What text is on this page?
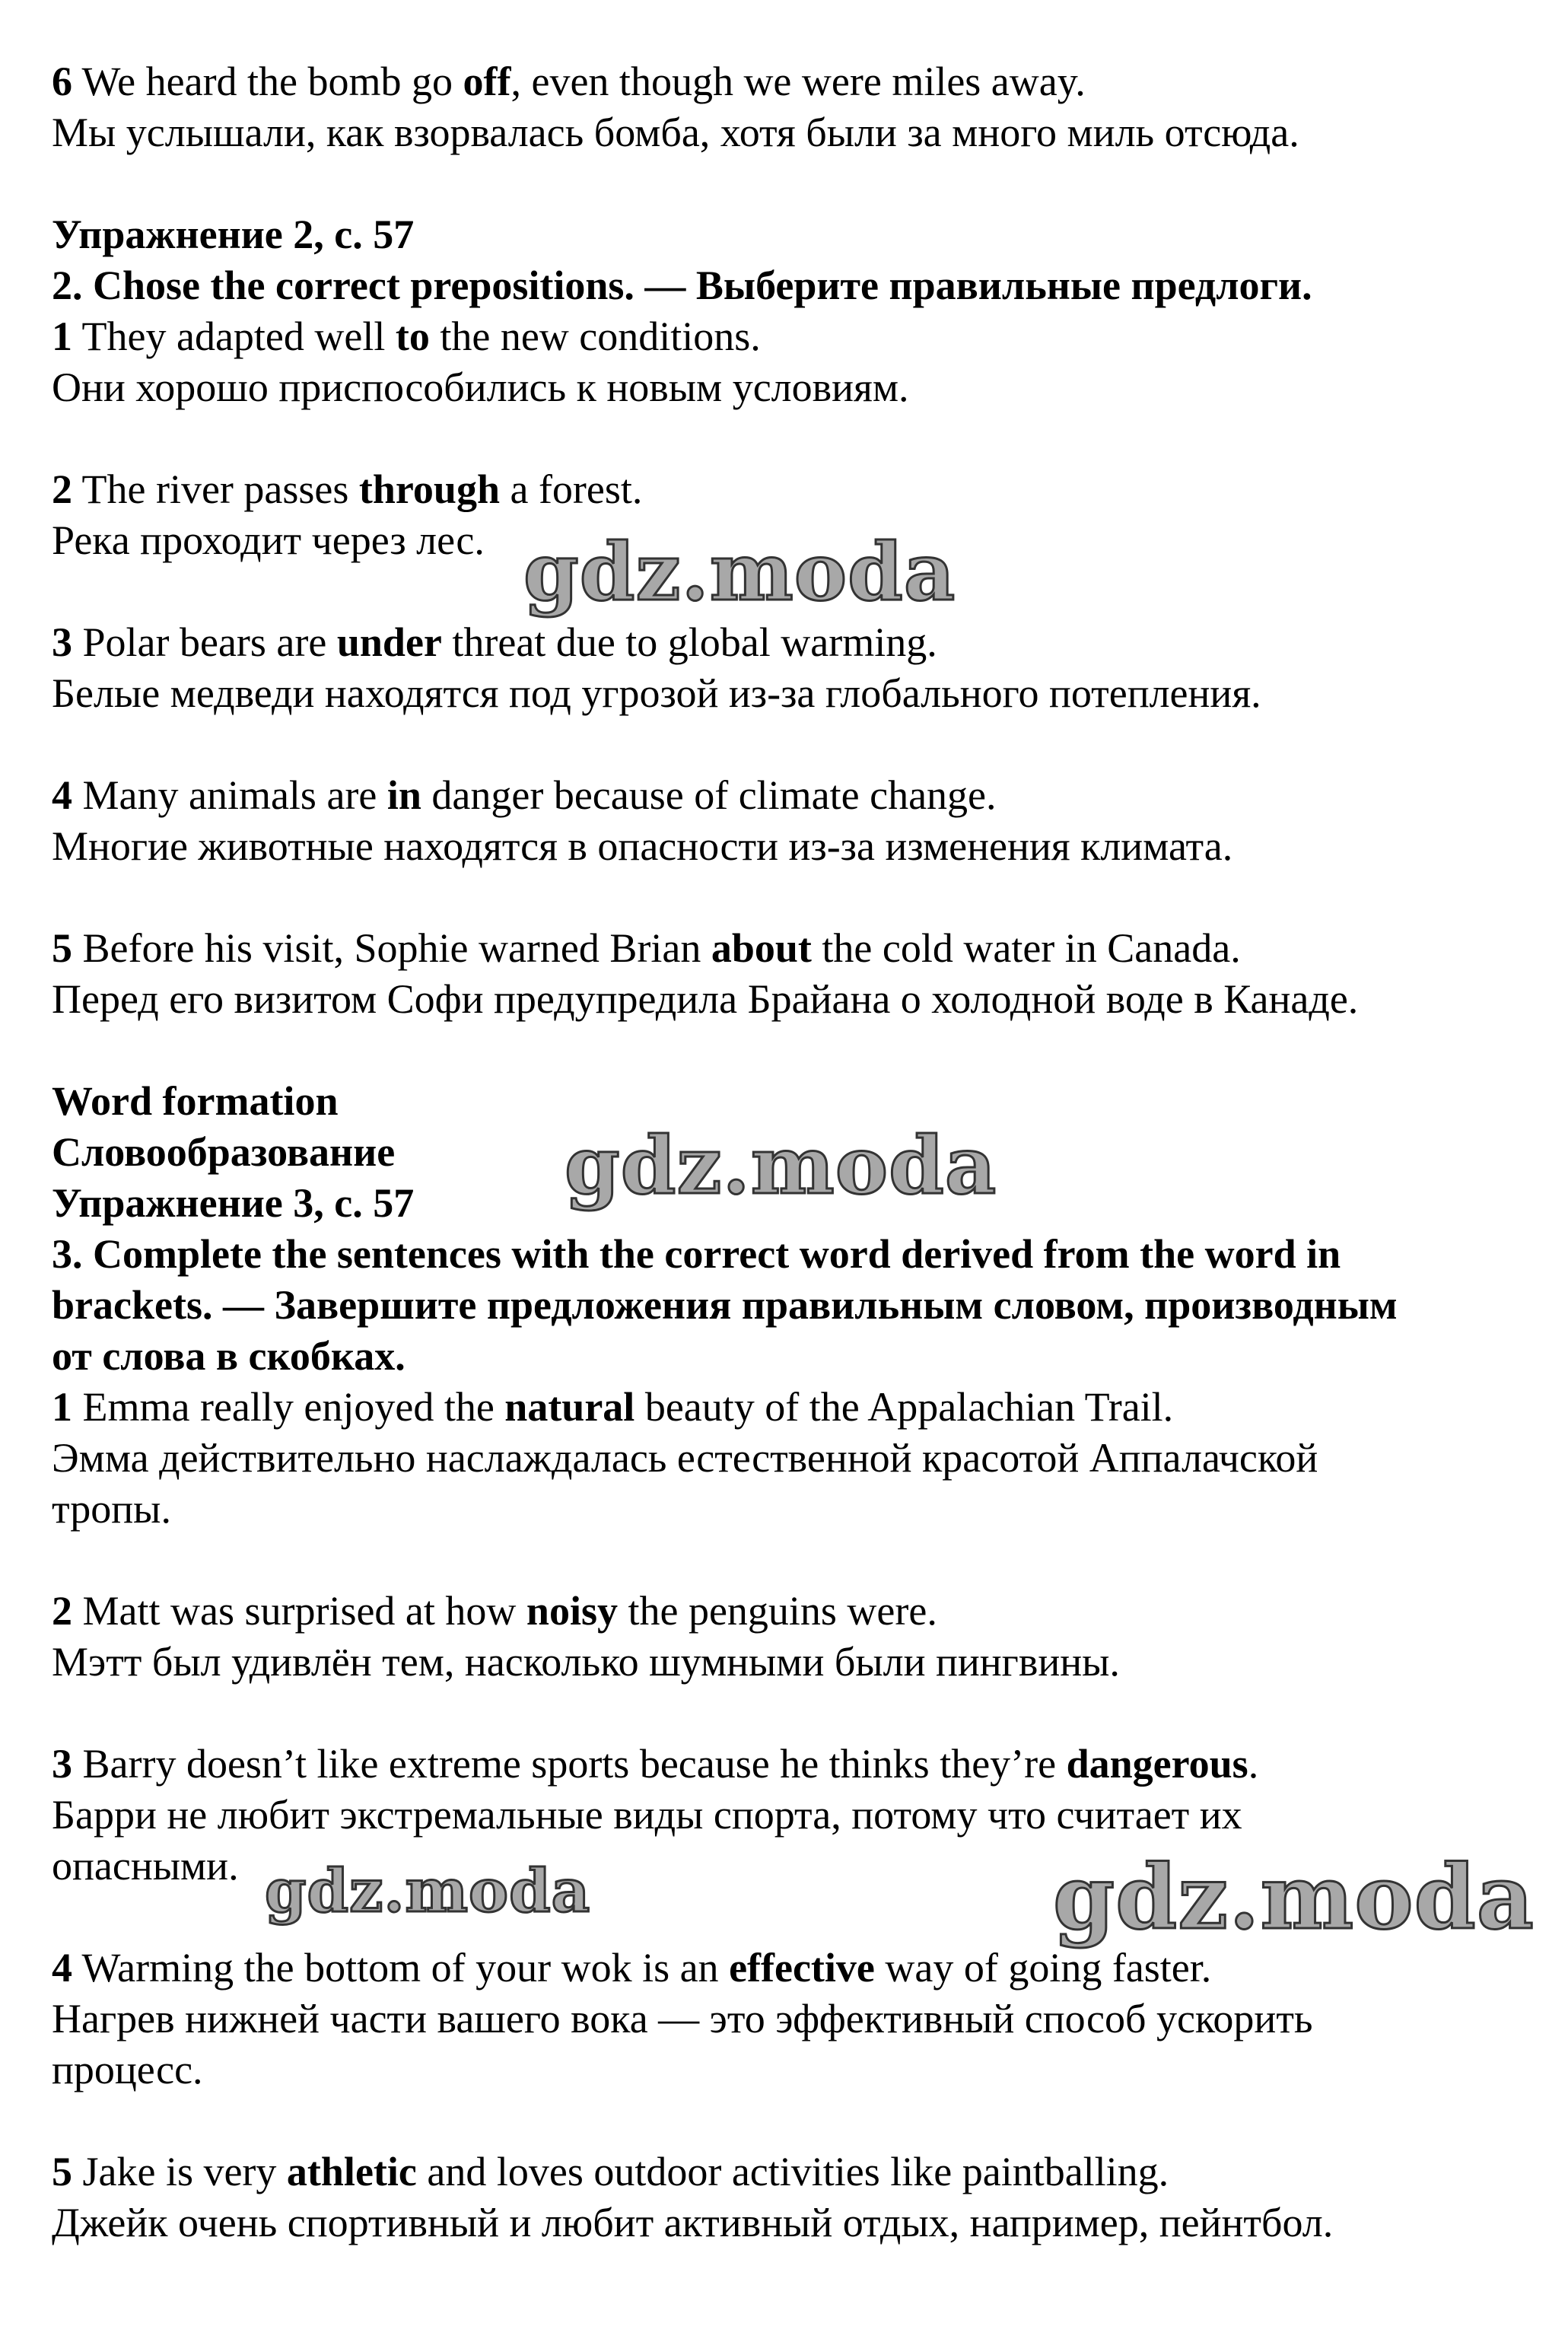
6 We heard the bomb go off, even though we were miles away.
Мы услышали, как взорвалась бомба, хотя были за много миль отсюда.
Упражнение 2, с. 57
2. Chose the correct prepositions. — Выберите правильные предлоги.
1 They adapted well to the new conditions.
Они хорошо приспособились к новым условиям.
2 The river passes through a forest.
Река проходит через лес.
3 Polar bears are under threat due to global warming.
Белые медведи находятся под угрозой из-за глобального потепления.
4 Many animals are in danger because of climate change.
Многие животные находятся в опасности из-за изменения климата.
5 Before his visit, Sophie warned Brian about the cold water in Canada.
Перед его визитом Софи предупредила Брайана о холодной воде в Канаде.
Word formation
Словообразование
Упражнение 3, с. 57
3. Complete the sentences with the correct word derived from the word in
brackets. — Завершите предложения правильным словом, производным
от слова в скобках.
1 Emma really enjoyed the natural beauty of the Appalachian Trail.
Эмма действительно наслаждалась естественной красотой Аппалачской
тропы.
2 Matt was surprised at how noisy the penguins were.
Мэтт был удивлён тем, насколько шумными были пингвины.
3 Barry doesn’t like extreme sports because he thinks they’re dangerous.
Барри не любит экстремальные виды спорта, потому что считает их
опасными.
4 Warming the bottom of your wok is an effective way of going faster.
Нагрев нижней части вашего вока — это эффективный способ ускорить
процесс.
5 Jake is very athletic and loves outdoor activities like paintballing.
Джейк очень спортивный и любит активный отдых, например, пейнтбол.
gdz.moda
gdz.moda
gdz.moda	gdz.moda
